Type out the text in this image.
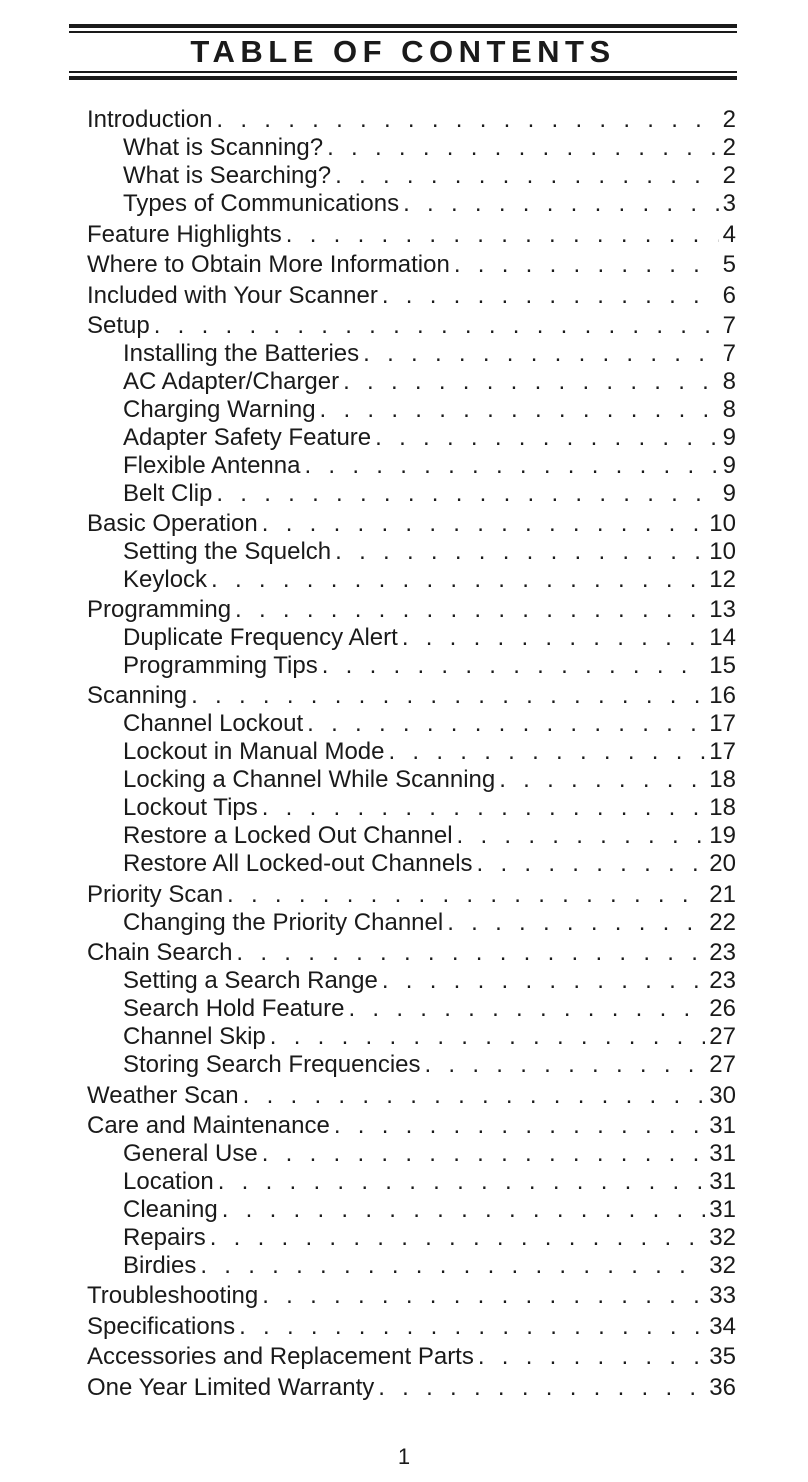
TABLE OF CONTENTS
Introduction . . .	2
What is Scanning? . . .	2
What is Searching? . . .	2
Types of Communications . . .	3
Feature Highlights . . .	4
Where to Obtain More Information . . .	5
Included with Your Scanner . . .	6
Setup . . .	7
Installing the Batteries . . .	7
AC Adapter/Charger . . .	8
Charging Warning . . .	8
Adapter Safety Feature . . .	9
Flexible Antenna . . .	9
Belt Clip . . .	9
Basic Operation . . .	10
Setting the Squelch . . .	10
Keylock . . .	12
Programming . . .	13
Duplicate Frequency Alert . . .	14
Programming Tips . . .	15
Scanning . . .	16
Channel Lockout . . .	17
Lockout in Manual Mode . . .	17
Locking a Channel While Scanning . . .	18
Lockout Tips . . .	18
Restore a Locked Out Channel . . .	19
Restore All Locked-out Channels . . .	20
Priority Scan . . .	21
Changing the Priority Channel . . .	22
Chain Search . . .	23
Setting a Search Range . . .	23
Search Hold Feature . . .	26
Channel Skip . . .	27
Storing Search Frequencies . . .	27
Weather Scan . . .	30
Care and Maintenance . . .	31
General Use . . .	31
Location . . .	31
Cleaning . . .	31
Repairs . . .	32
Birdies . . .	32
Troubleshooting . . .	33
Specifications . . .	34
Accessories and Replacement Parts . . .	35
One Year Limited Warranty . . .	36
1
